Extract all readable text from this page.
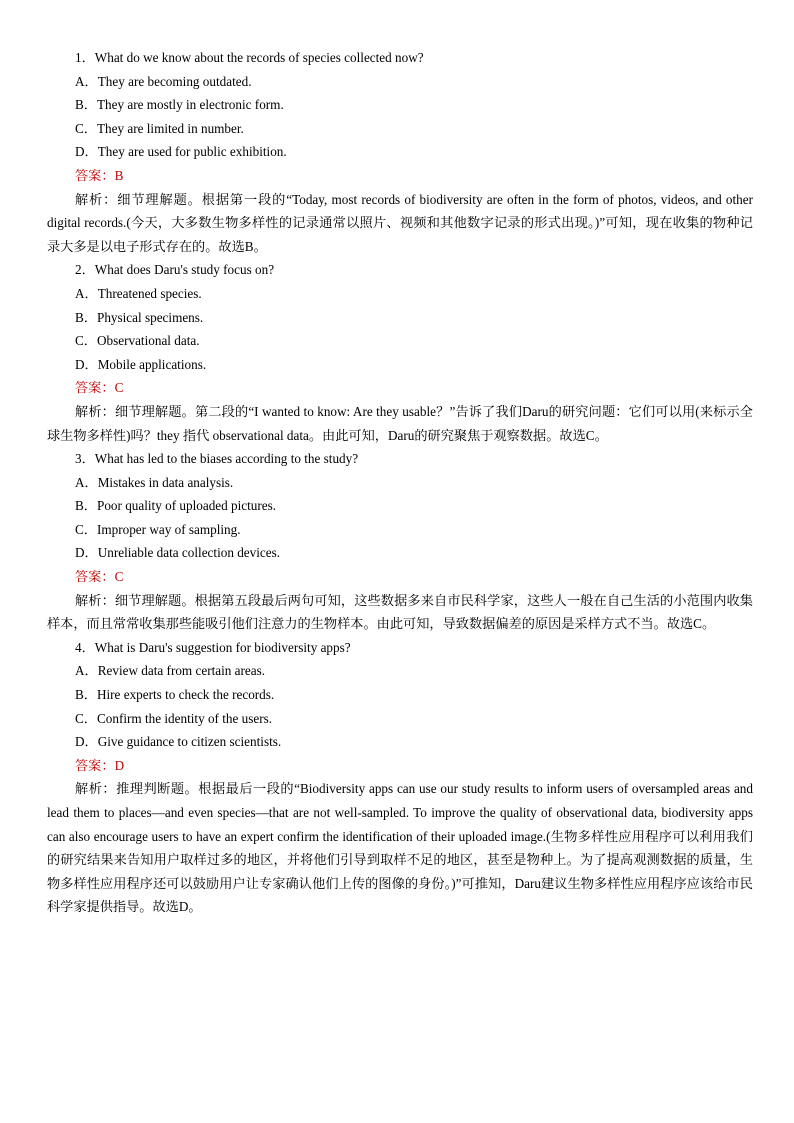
1．What do we know about the records of species collected now?
A．They are becoming outdated.
B．They are mostly in electronic form.
C．They are limited in number.
D．They are used for public exhibition.
答案：B

解析：细节理解题。根据第一段的“Today, most records of biodiversity are often in the form of photos, videos, and other digital records.(今天，大多数生物多样性的记录通常以照片、视频和其他数字记录的形式出现。)”可知，现在收集的物种记录大多是以电子形式存在的。故选B。

2．What does Daru's study focus on?
A．Threatened species.
B．Physical specimens.
C．Observational data.
D．Mobile applications.
答案：C

解析：细节理解题。第二段的“I wanted to know: Are they usable？”告诉了我们Daru的研究问题：它们可以用(来标示全球生物多样性)吗？they 指代 observational data。由此可知，Daru的研究聚焦于观察数据。故选C。

3．What has led to the biases according to the study?
A．Mistakes in data analysis.
B．Poor quality of uploaded pictures.
C．Improper way of sampling.
D．Unreliable data collection devices.
答案：C

解析：细节理解题。根据第五段最后两句可知，这些数据多来自市民科学家，这些人一般在自己生活的小范围内收集样本，而且常常收集那些能吸引他们注意力的生物样本。由此可知，导致数据偏差的原因是采样方式不当。故选C。

4．What is Daru's suggestion for biodiversity apps?
A．Review data from certain areas.
B．Hire experts to check the records.
C．Confirm the identity of the users.
D．Give guidance to citizen scientists.
答案：D

解析：推理判断题。根据最后一段的“Biodiversity apps can use our study results to inform users of oversampled areas and lead them to places—and even species—that are not well-sampled. To improve the quality of observational data, biodiversity apps can also encourage users to have an expert confirm the identification of their uploaded image.(生物多样性应用程序可以利用我们的研究结果来告知用户取样过多的地区，并将他们引导到取样不足的地区，甚至是物种上。为了提高观测数据的质量，生物多样性应用程序还可以鼓励用户让专家确认他们上传的图像的身份。)”可推知，Daru建议生物多样性应用程序应该给市民科学家提供指导。故选D。
